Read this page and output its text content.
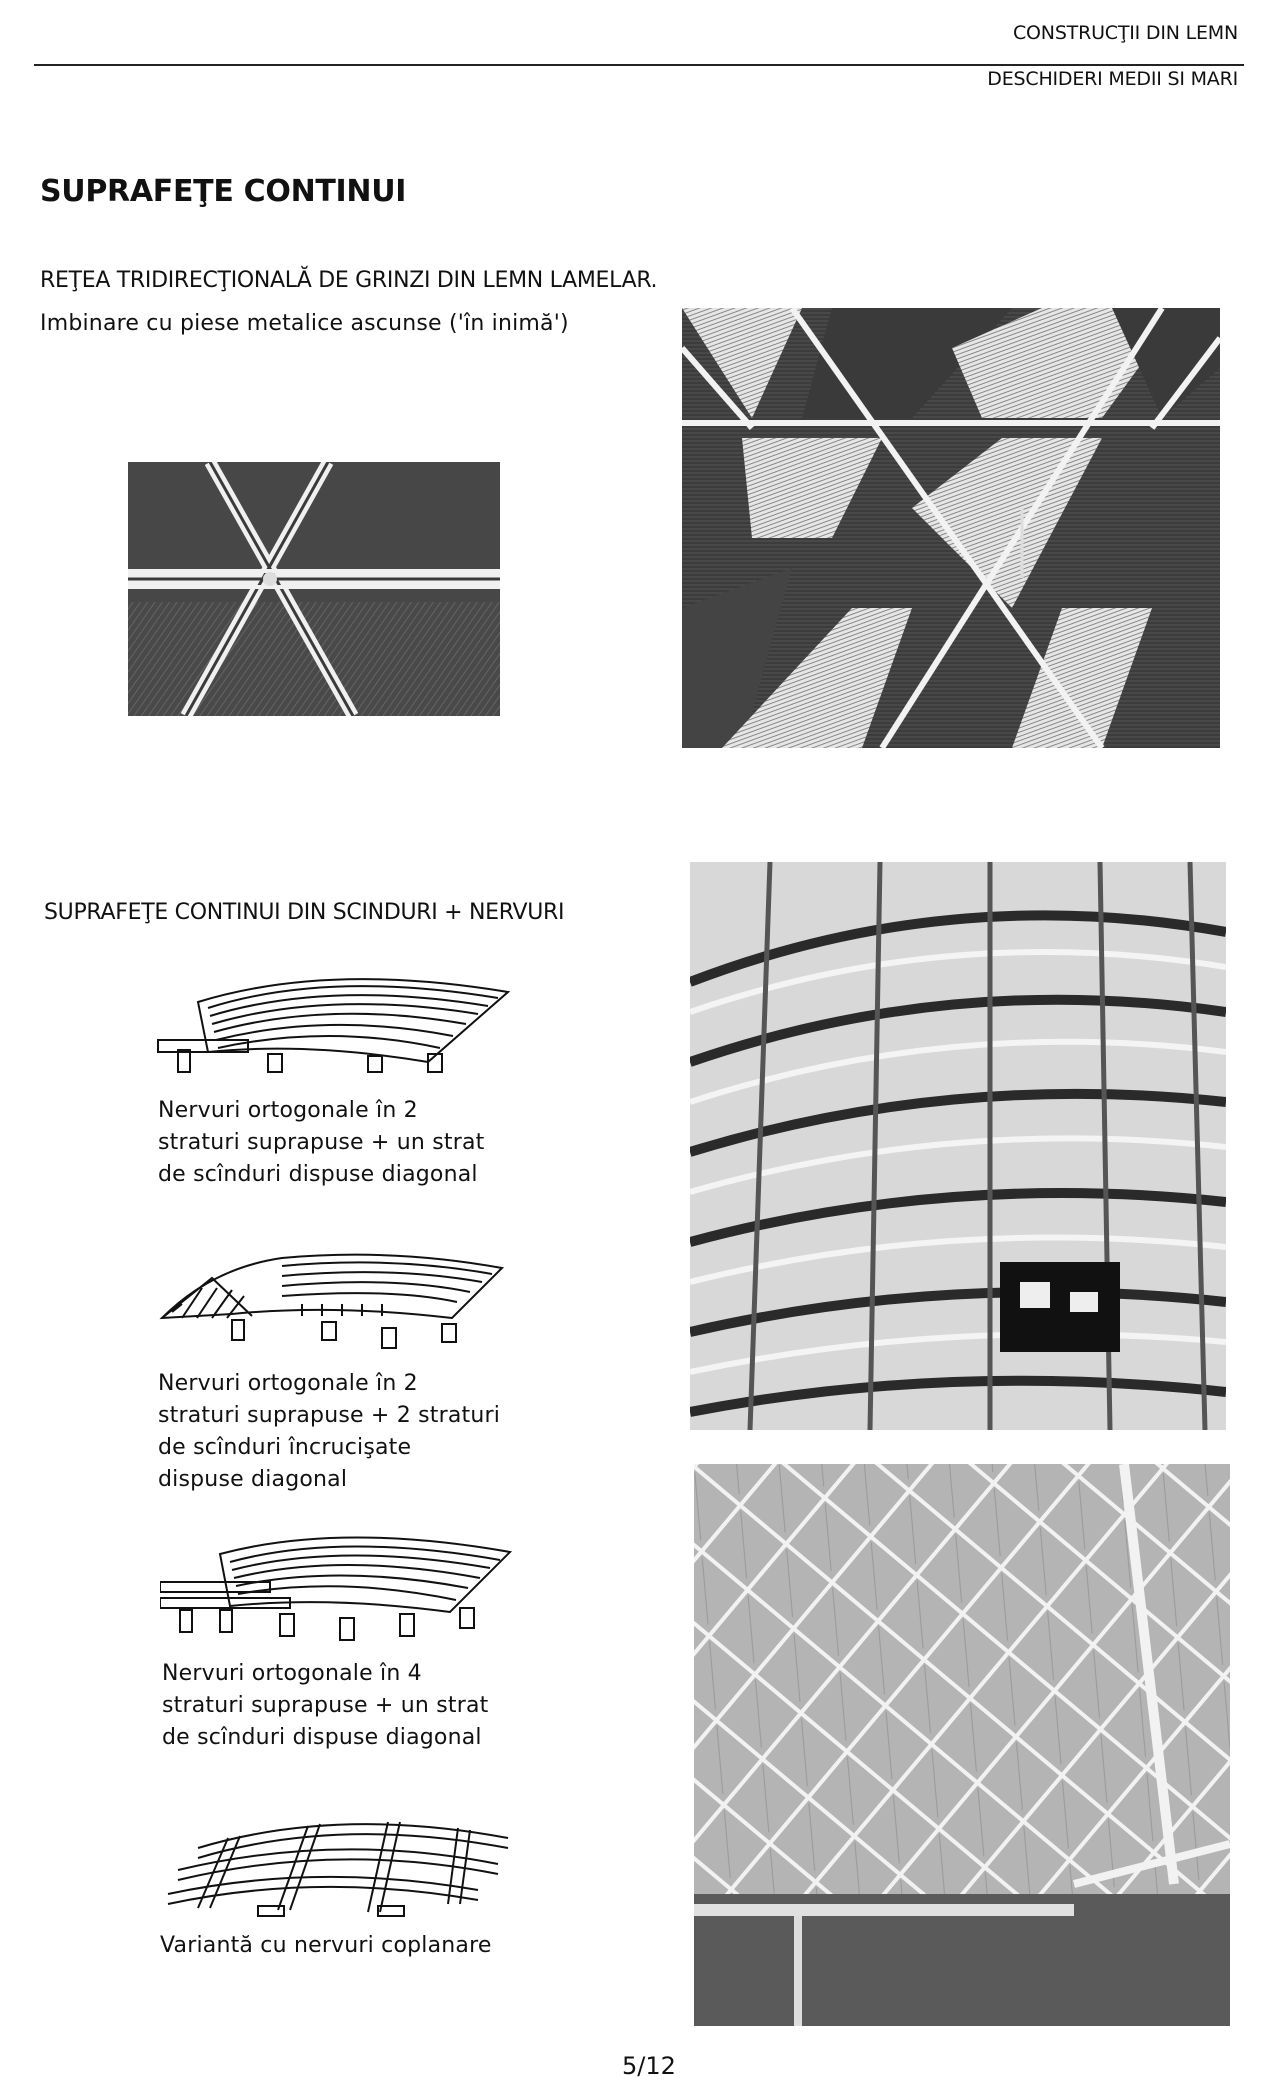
CONSTRUCŢII DIN LEMN
DESCHIDERI MEDII SI MARI
SUPRAFEŢE CONTINUI
REŢEA TRIDIRECŢIONALĂ DE GRINZI DIN LEMN LAMELAR.
Imbinare cu piese metalice ascunse ('în inimă')
SUPRAFEŢE CONTINUI DIN SCINDURI + NERVURI
Nervuri ortogonale în 2
straturi suprapuse + un strat
de scînduri dispuse diagonal
Nervuri ortogonale în 2
straturi suprapuse + 2 straturi
de scînduri încrucişate
dispuse diagonal
Nervuri ortogonale în 4
straturi suprapuse + un strat
de scînduri dispuse diagonal
Variantă cu nervuri coplanare
5/12
